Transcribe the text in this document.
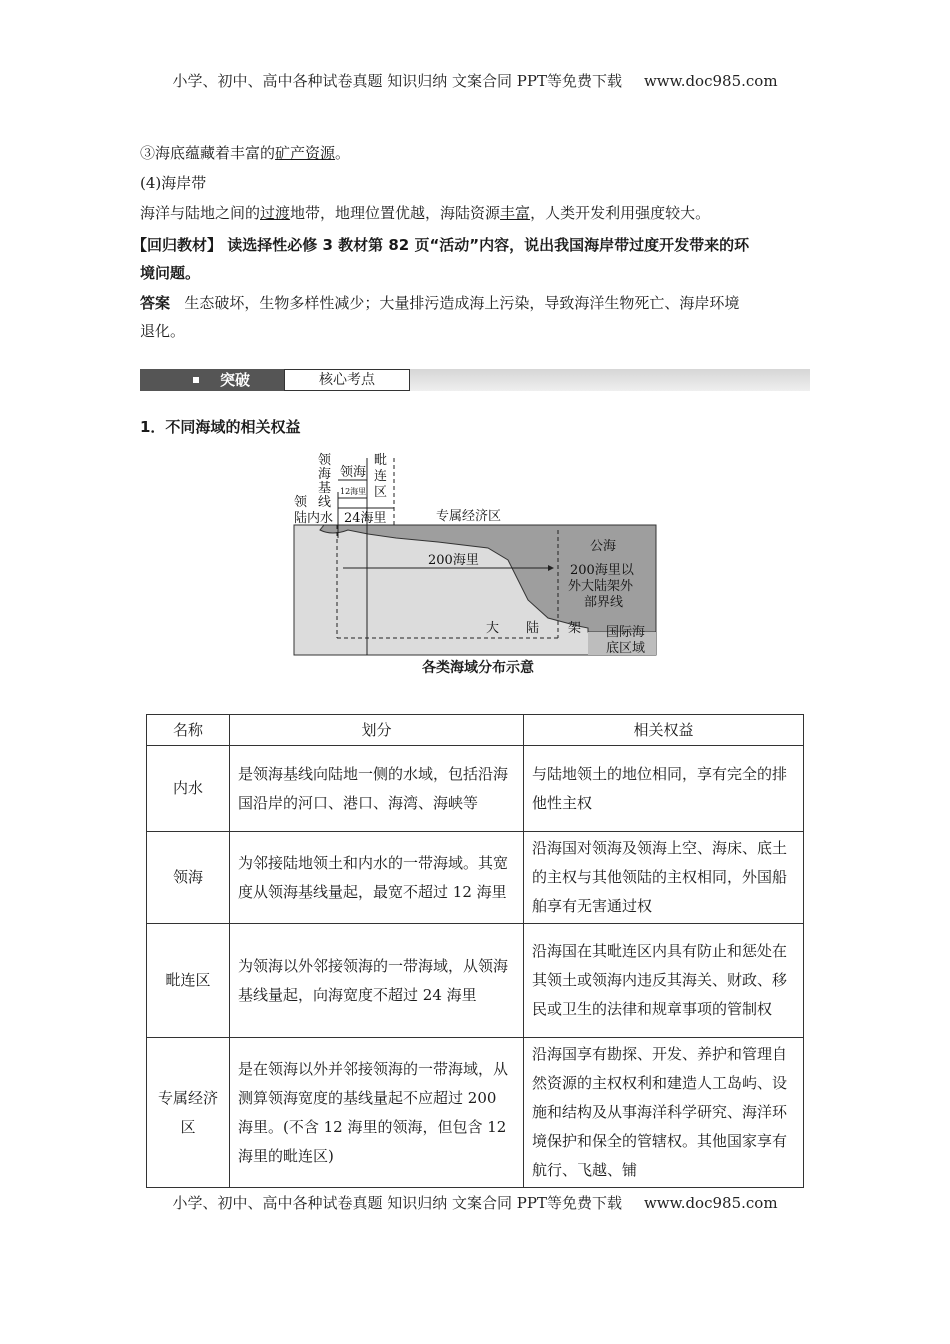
小学、初中、高中各种试卷真题 知识归纳 文案合同 PPT等免费下载 www.doc985.com
③海底蕴藏着丰富的矿产资源。
(4)海岸带
海洋与陆地之间的过渡地带，地理位置优越，海陆资源丰富，人类开发利用强度较大。
【回归教材】 读选择性必修 3 教材第 82 页“活动”内容，说出我国海岸带过度开发带来的环
境问题。
答案 生态破坏，生物多样性减少；大量排污造成海上污染，导致海洋生物死亡、海岸环境
退化。
突破	核心考点
1．不同海域的相关权益
领
海
基
线
领海
毗
连
区
12海里
24海里
领
陆内水	专属经济区
公海
200海里
200海里以
外大陆架外
部界线
大 陆 架 国际海
底区域
各类海域分布示意
名称	划分	相关权益
内水	是领海基线向陆地一侧的水域，包括沿海国沿岸的河口、港口、海湾、海峡等	与陆地领土的地位相同，享有完全的排他性主权
领海	为邻接陆地领土和内水的一带海域。其宽度从领海基线量起，最宽不超过 12 海里	沿海国对领海及领海上空、海床、底土的主权与其他领陆的主权相同，外国船舶享有无害通过权
毗连区	为领海以外邻接领海的一带海域，从领海基线量起，向海宽度不超过 24 海里	沿海国在其毗连区内具有防止和惩处在其领土或领海内违反其海关、财政、移民或卫生的法律和规章事项的管制权
专属经济区	是在领海以外并邻接领海的一带海域，从测算领海宽度的基线量起不应超过 200 海里。(不含 12 海里的领海，但包含 12 海里的毗连区)	沿海国享有勘探、开发、养护和管理自然资源的主权权利和建造人工岛屿、设施和结构及从事海洋科学研究、海洋环境保护和保全的管辖权。其他国家享有航行、飞越、铺
小学、初中、高中各种试卷真题 知识归纳 文案合同 PPT等免费下载 www.doc985.com
